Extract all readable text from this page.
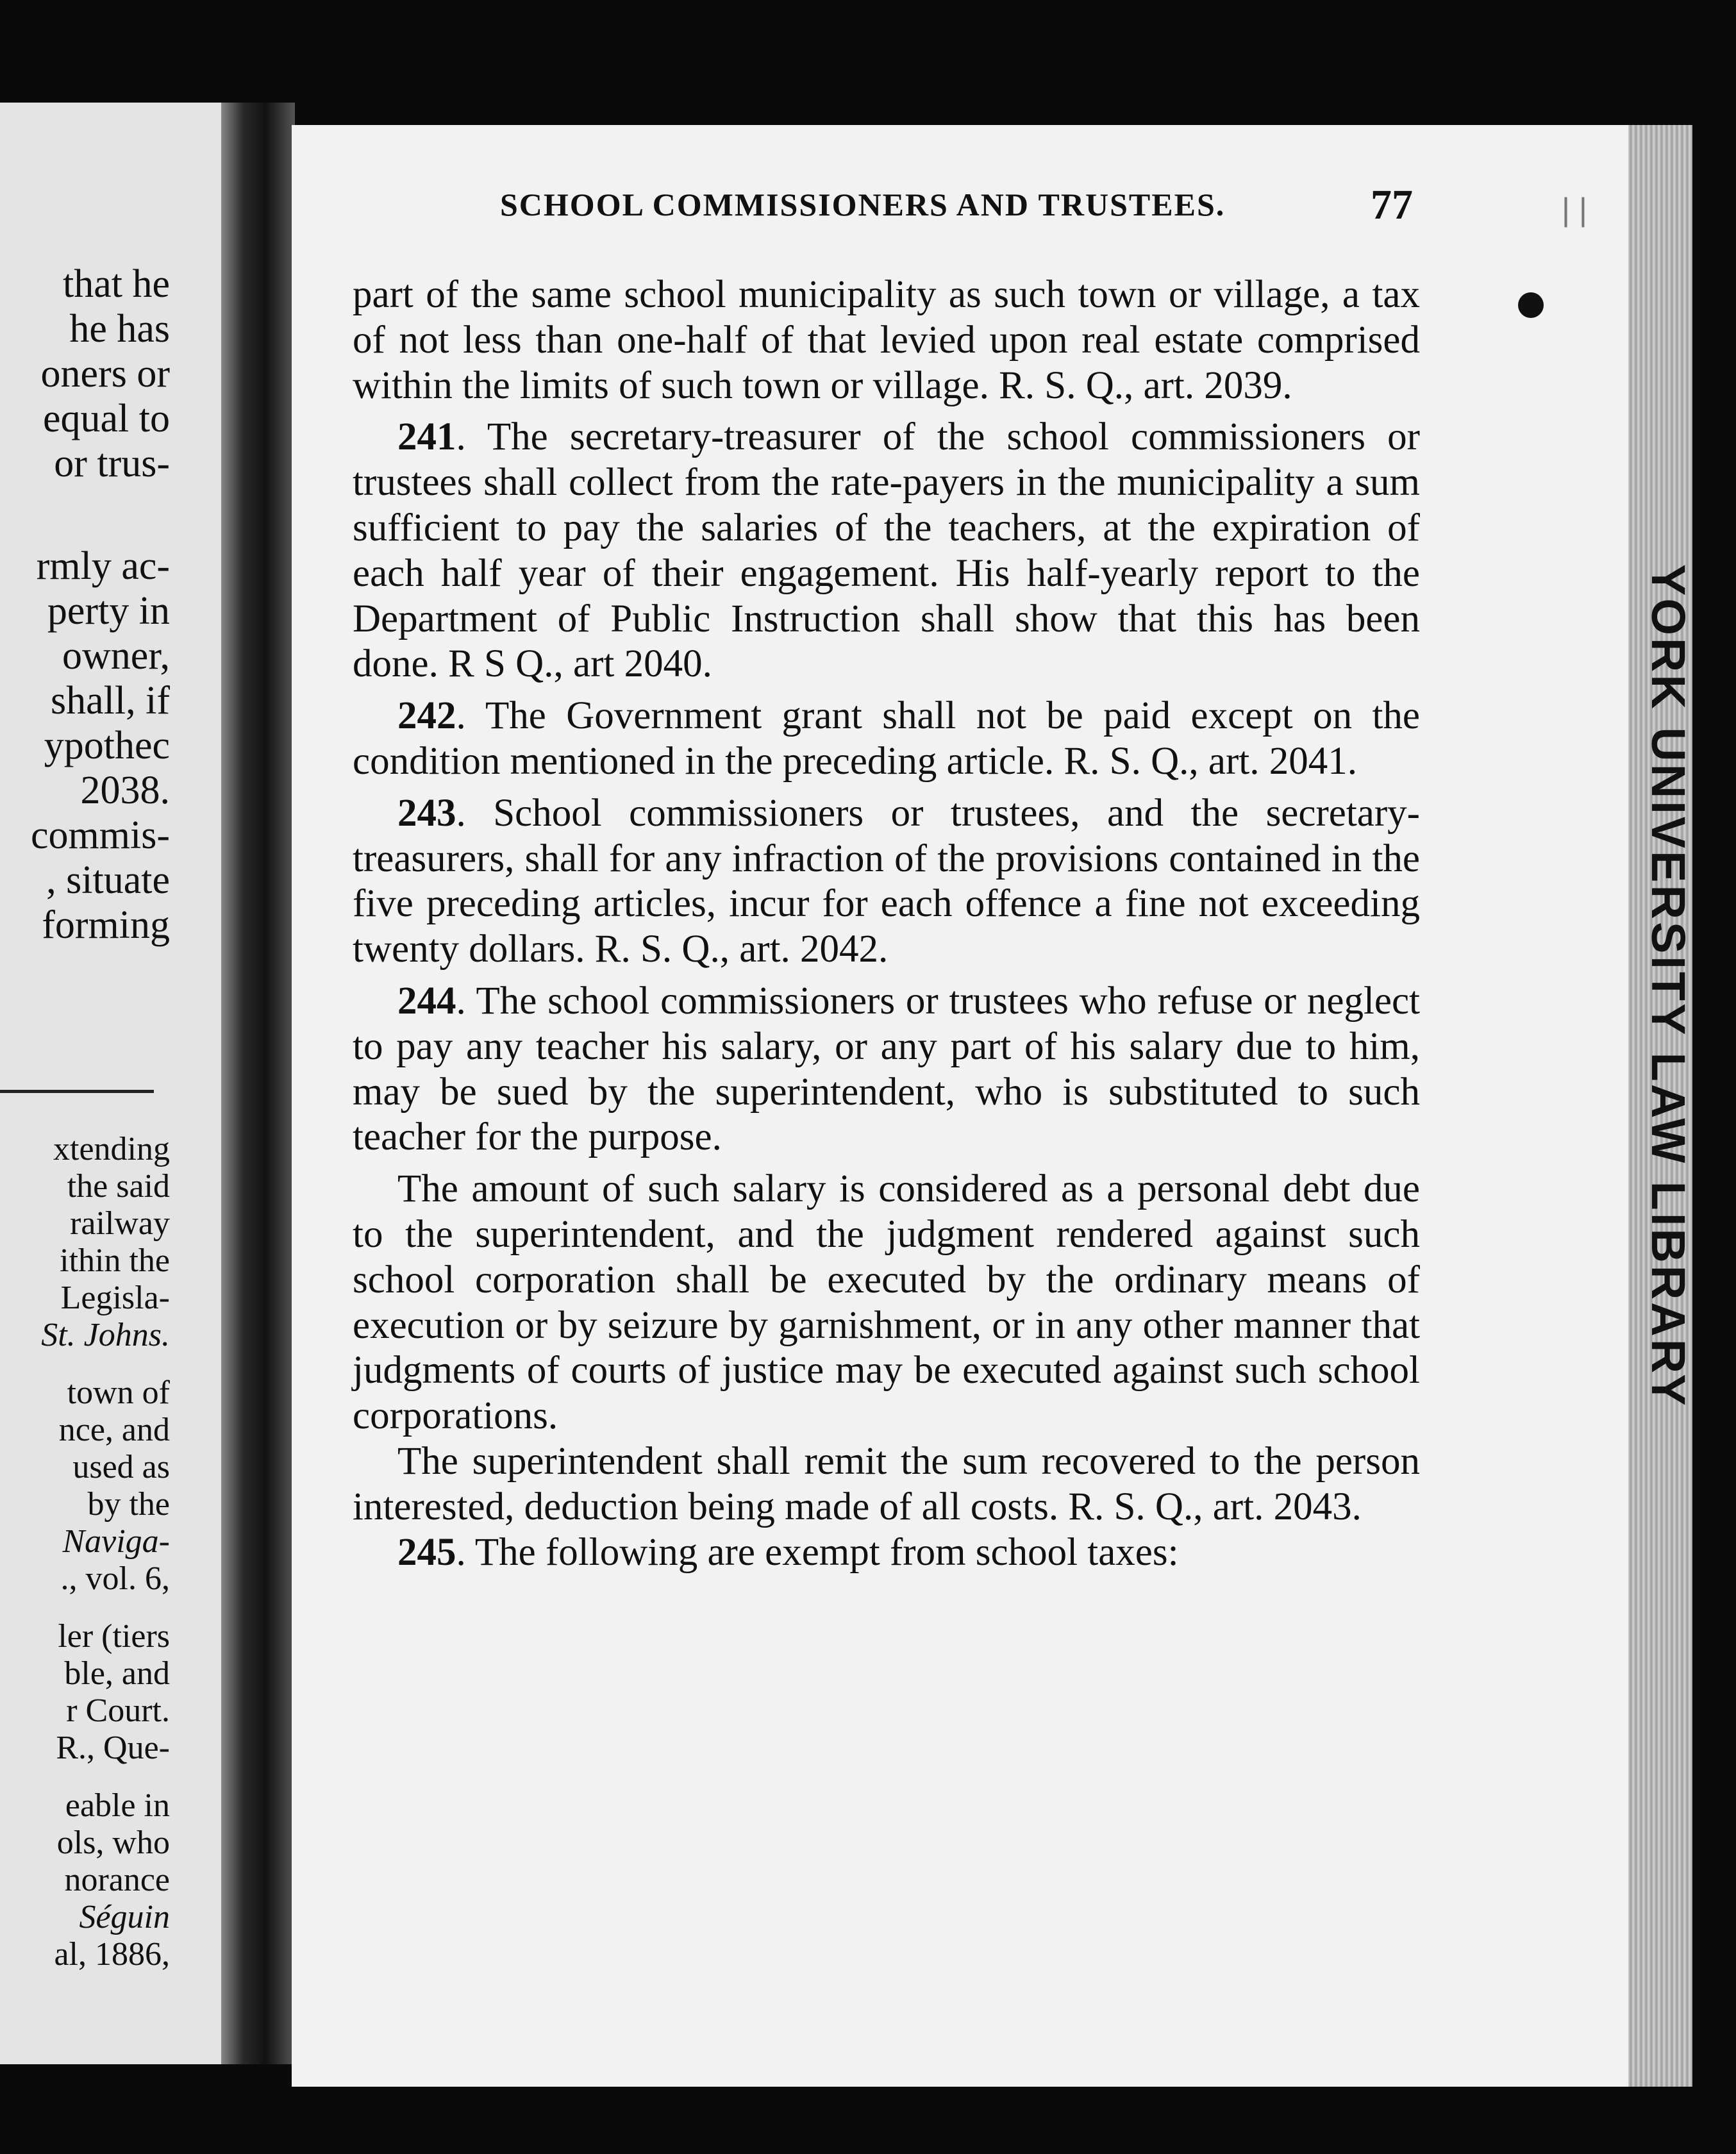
that he
he has
oners or
equal to
or trus-
rmly ac-
perty in
owner,
shall, if
ypothec
2038.
commis-
, situate
forming
xtending
the said
railway
ithin the
Legisla-
St. Johns.
town of
nce, and
used as
by the
Naviga-
., vol. 6,
ler (tiers
ble, and
r Court.
R., Que-
eable in
ols, who
norance
Séguin
al, 1886,
YORK UNIVERSITY LAW LIBRARY
| |
SCHOOL COMMISSIONERS AND TRUSTEES.	77

part of the same school municipality as such town or village, a tax of not less than one-half of that levied upon real estate comprised within the limits of such town or village. R. S. Q., art. 2039.

241. The secretary-treasurer of the school commissioners or trustees shall collect from the rate-payers in the municipality a sum sufficient to pay the salaries of the teachers, at the expiration of each half year of their engagement. His half-yearly report to the Department of Public Instruction shall show that this has been done. R S Q., art 2040.

242. The Government grant shall not be paid except on the condition mentioned in the preceding article. R. S. Q., art. 2041.

243. School commissioners or trustees, and the secretary-treasurers, shall for any infraction of the provisions contained in the five preceding articles, incur for each offence a fine not exceeding twenty dollars. R. S. Q., art. 2042.

244. The school commissioners or trustees who refuse or neglect to pay any teacher his salary, or any part of his salary due to him, may be sued by the superintendent, who is substituted to such teacher for the purpose.

The amount of such salary is considered as a personal debt due to the superintendent, and the judgment rendered against such school corporation shall be executed by the ordinary means of execution or by seizure by garnishment, or in any other manner that judgments of courts of justice may be executed against such school corporations.

The superintendent shall remit the sum recovered to the person interested, deduction being made of all costs. R. S. Q., art. 2043.

245. The following are exempt from school taxes:
